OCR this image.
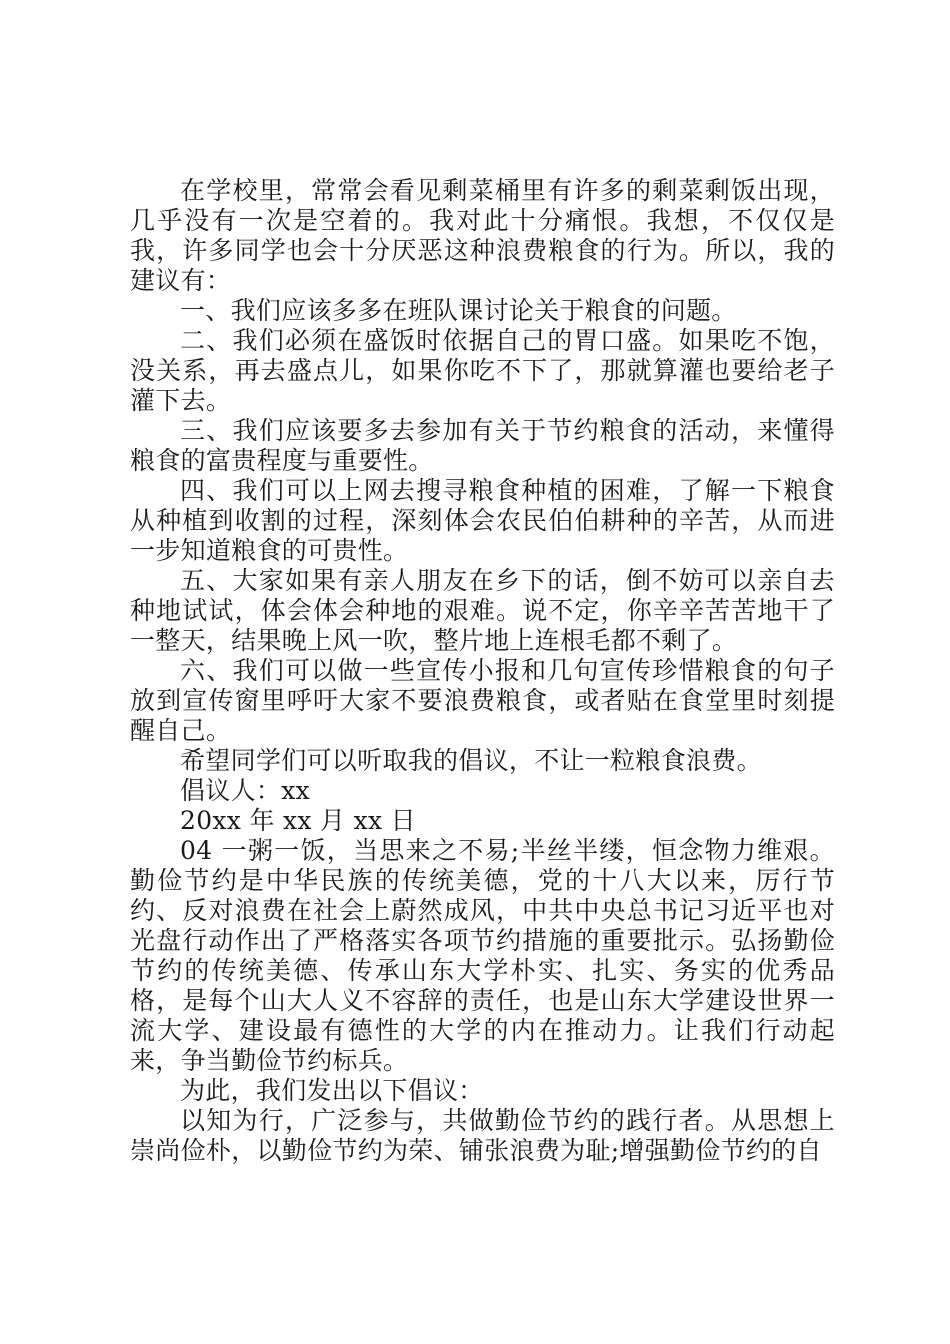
在学校里，常常会看见剩菜桶里有许多的剩菜剩饭出现，几乎没有一次是空着的。我对此十分痛恨。我想，不仅仅是我，许多同学也会十分厌恶这种浪费粮食的行为。所以，我的建议有：

一、我们应该多多在班队课讨论关于粮食的问题。

二、我们必须在盛饭时依据自己的胃口盛。如果吃不饱，没关系，再去盛点儿，如果你吃不下了，那就算灌也要给老子灌下去。

三、我们应该要多去参加有关于节约粮食的活动，来懂得粮食的富贵程度与重要性。

四、我们可以上网去搜寻粮食种植的困难，了解一下粮食从种植到收割的过程，深刻体会农民伯伯耕种的辛苦，从而进一步知道粮食的可贵性。

五、大家如果有亲人朋友在乡下的话，倒不妨可以亲自去种地试试，体会体会种地的艰难。说不定，你辛辛苦苦地干了一整天，结果晚上风一吹，整片地上连根毛都不剩了。

六、我们可以做一些宣传小报和几句宣传珍惜粮食的句子放到宣传窗里呼吁大家不要浪费粮食，或者贴在食堂里时刻提醒自己。

希望同学们可以听取我的倡议，不让一粒粮食浪费。

倡议人：xx

20xx 年 xx 月 xx 日

04 一粥一饭，当思来之不易;半丝半缕，恒念物力维艰。勤俭节约是中华民族的传统美德，党的十八大以来，厉行节约、反对浪费在社会上蔚然成风，中共中央总书记习近平也对光盘行动作出了严格落实各项节约措施的重要批示。弘扬勤俭节约的传统美德、传承山东大学朴实、扎实、务实的优秀品格，是每个山大人义不容辞的责任，也是山东大学建设世界一流大学、建设最有德性的大学的内在推动力。让我们行动起来，争当勤俭节约标兵。

为此，我们发出以下倡议：

以知为行，广泛参与，共做勤俭节约的践行者。从思想上崇尚俭朴，以勤俭节约为荣、铺张浪费为耻;增强勤俭节约的自
